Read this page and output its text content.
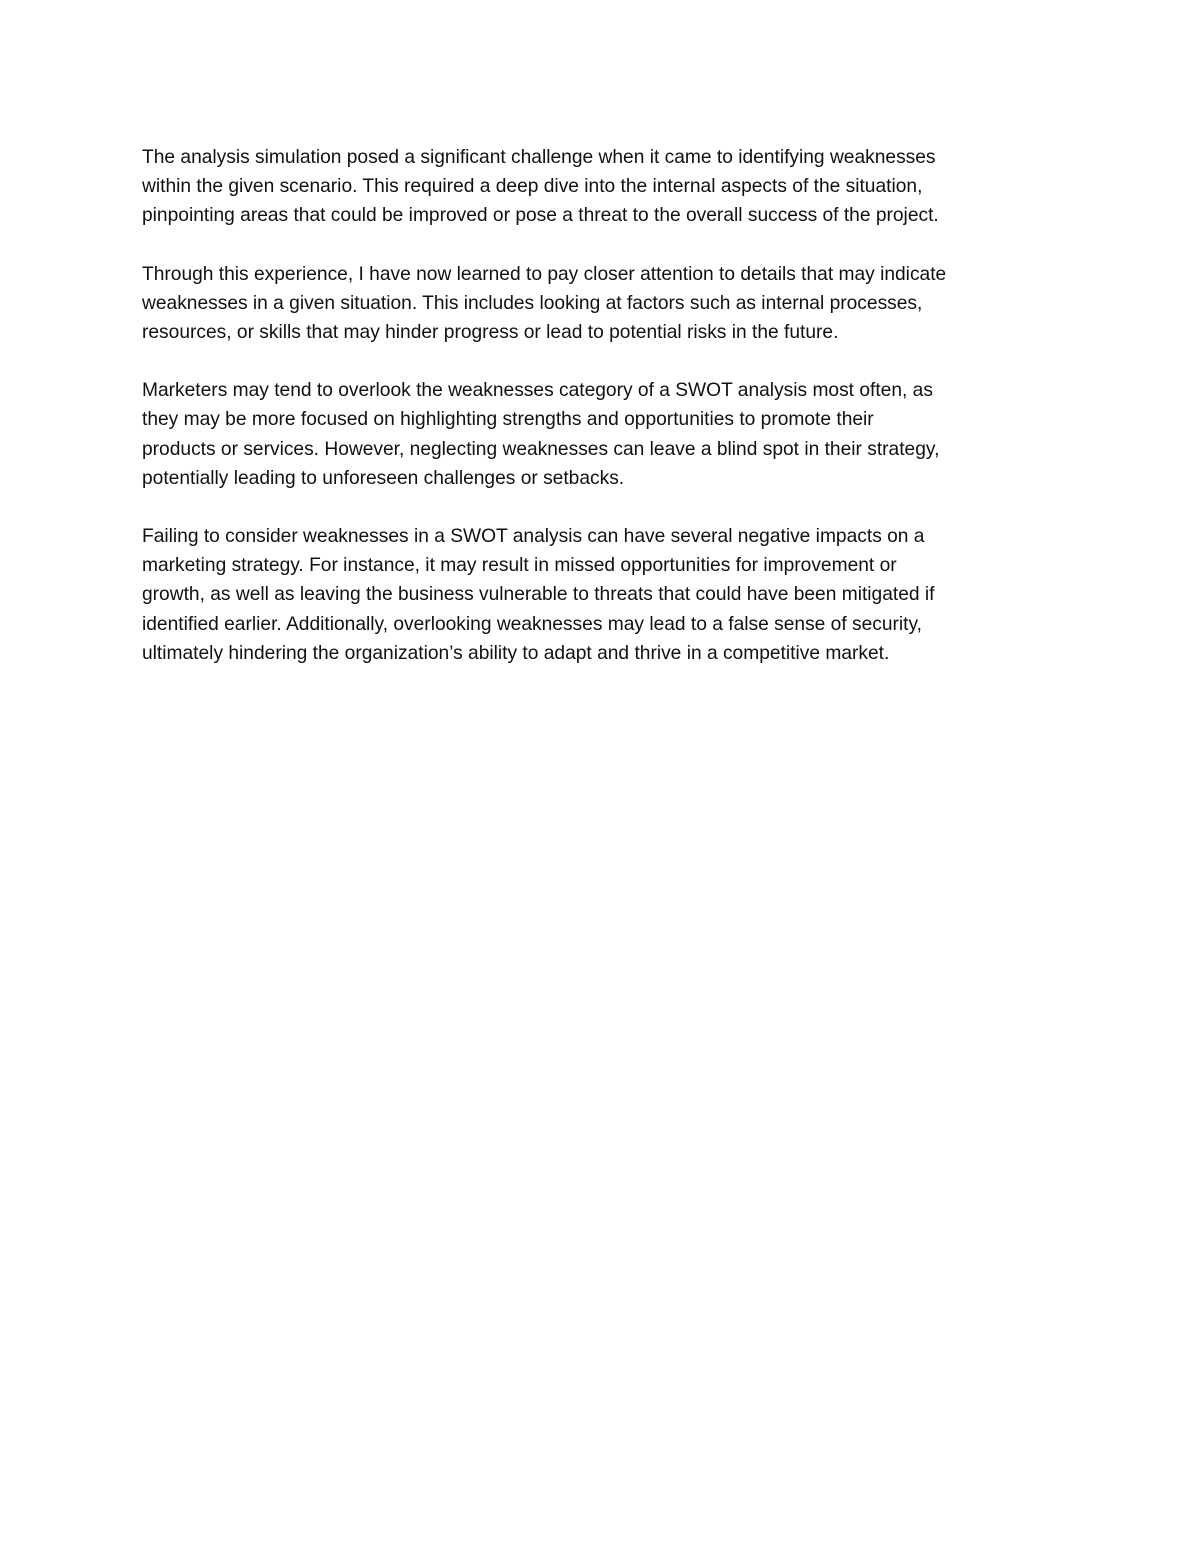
The analysis simulation posed a significant challenge when it came to identifying weaknesses
within the given scenario. This required a deep dive into the internal aspects of the situation,
pinpointing areas that could be improved or pose a threat to the overall success of the project.

Through this experience, I have now learned to pay closer attention to details that may indicate
weaknesses in a given situation. This includes looking at factors such as internal processes,
resources, or skills that may hinder progress or lead to potential risks in the future.

Marketers may tend to overlook the weaknesses category of a SWOT analysis most often, as
they may be more focused on highlighting strengths and opportunities to promote their
products or services. However, neglecting weaknesses can leave a blind spot in their strategy,
potentially leading to unforeseen challenges or setbacks.

Failing to consider weaknesses in a SWOT analysis can have several negative impacts on a
marketing strategy. For instance, it may result in missed opportunities for improvement or
growth, as well as leaving the business vulnerable to threats that could have been mitigated if
identified earlier. Additionally, overlooking weaknesses may lead to a false sense of security,
ultimately hindering the organization’s ability to adapt and thrive in a competitive market.
